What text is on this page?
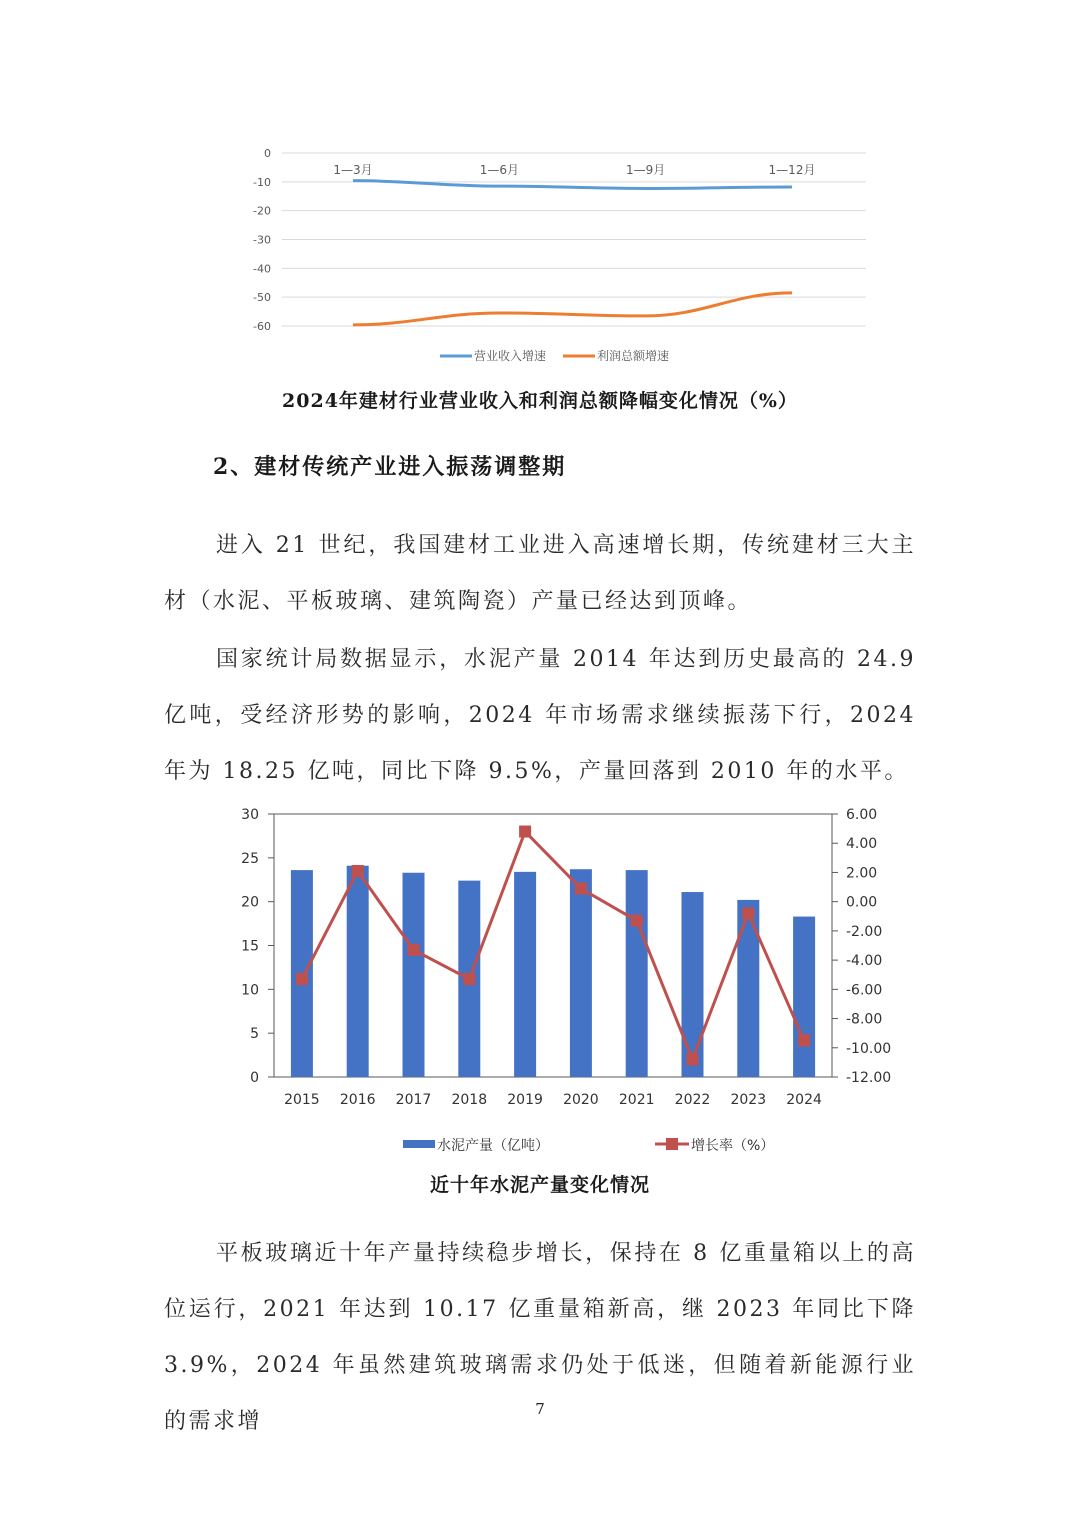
0
-10
-20
-30
-40
-50
-60
1—3月	1—6月	1—9月	1—12月
营业收入增速	利润总额增速
2024年建材行业营业收入和利润总额降幅变化情况（%）
2、建材传统产业进入振荡调整期
进入 21 世纪，我国建材工业进入高速增长期，传统建材三大主材（水泥、平板玻璃、建筑陶瓷）产量已经达到顶峰。
国家统计局数据显示，水泥产量 2014 年达到历史最高的 24.9 亿吨，受经济形势的影响，2024 年市场需求继续振荡下行，2024 年为 18.25 亿吨，同比下降 9.5%，产量回落到 2010 年的水平。
0
5
10
15
20
25
30
-12.00
-10.00
-8.00
-6.00
-4.00
-2.00
0.00
2.00
4.00
6.00
2015 2016 2017 2018 2019 2020 2021 2022 2023 2024
水泥产量（亿吨）	增长率（%）
近十年水泥产量变化情况
平板玻璃近十年产量持续稳步增长，保持在 8 亿重量箱以上的高位运行，2021 年达到 10.17 亿重量箱新高，继 2023 年同比下降 3.9%，2024 年虽然建筑玻璃需求仍处于低迷，但随着新能源行业的需求增	7
